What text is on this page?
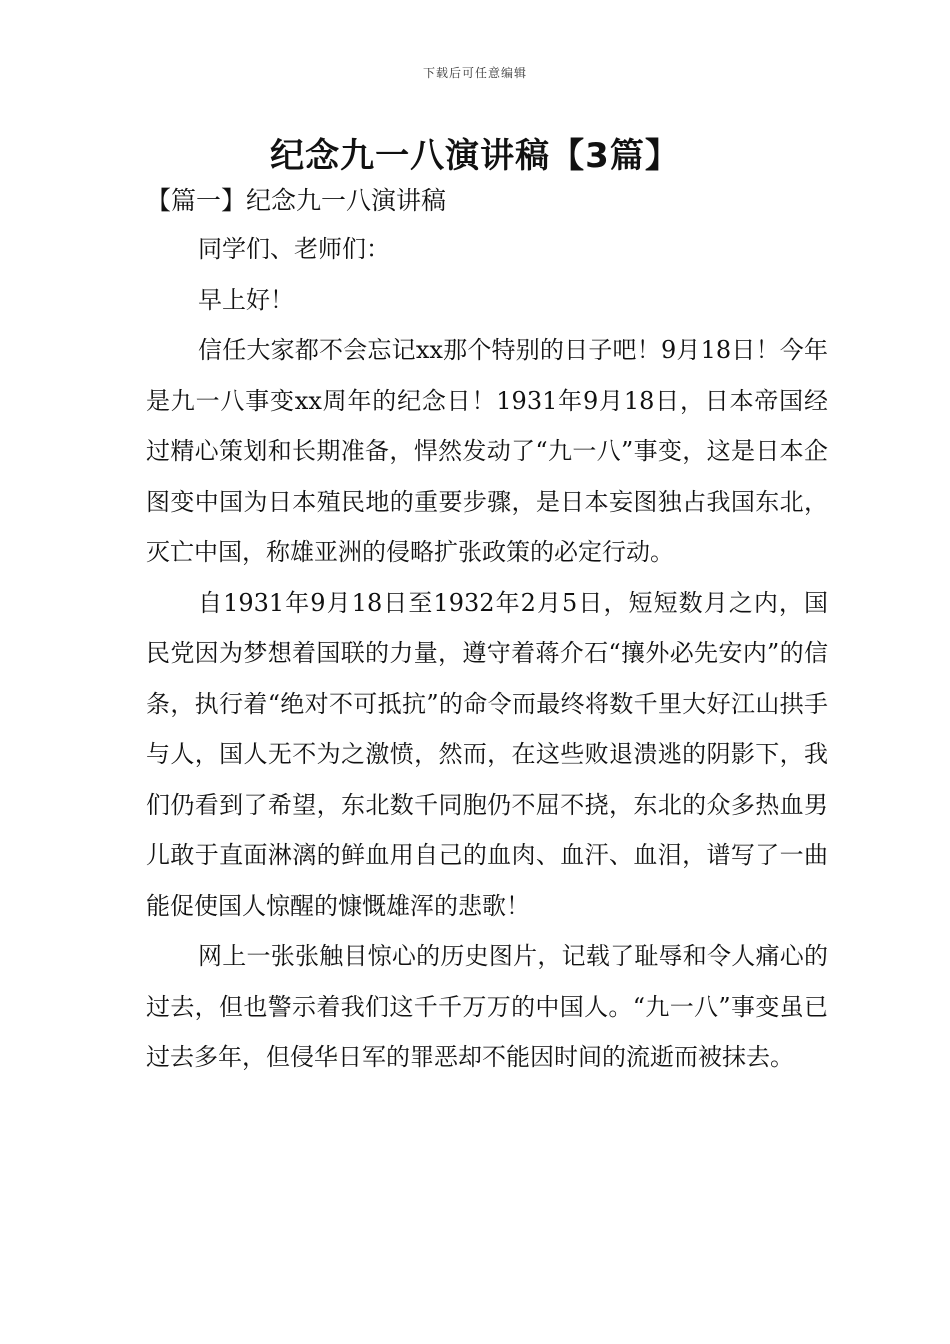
下载后可任意编辑
纪念九一八演讲稿【3篇】
【篇一】纪念九一八演讲稿

同学们、老师们：

早上好！

信任大家都不会忘记xx那个特别的日子吧！9月18日！今年是九一八事变xx周年的纪念日！1931年9月18日，日本帝国经过精心策划和长期准备，悍然发动了“九一八”事变，这是日本企图变中国为日本殖民地的重要步骤，是日本妄图独占我国东北，灭亡中国，称雄亚洲的侵略扩张政策的必定行动。

自1931年9月18日至1932年2月5日，短短数月之内，国民党因为梦想着国联的力量，遵守着蒋介石“攘外必先安内”的信条，执行着“绝对不可抵抗”的命令而最终将数千里大好江山拱手与人，国人无不为之激愤，然而，在这些败退溃逃的阴影下，我们仍看到了希望，东北数千同胞仍不屈不挠，东北的众多热血男儿敢于直面淋漓的鲜血用自己的血肉、血汗、血泪，谱写了一曲能促使国人惊醒的慷慨雄浑的悲歌！

网上一张张触目惊心的历史图片，记载了耻辱和令人痛心的过去，但也警示着我们这千千万万的中国人。“九一八”事变虽已过去多年，但侵华日军的罪恶却不能因时间的流逝而被抹去。
